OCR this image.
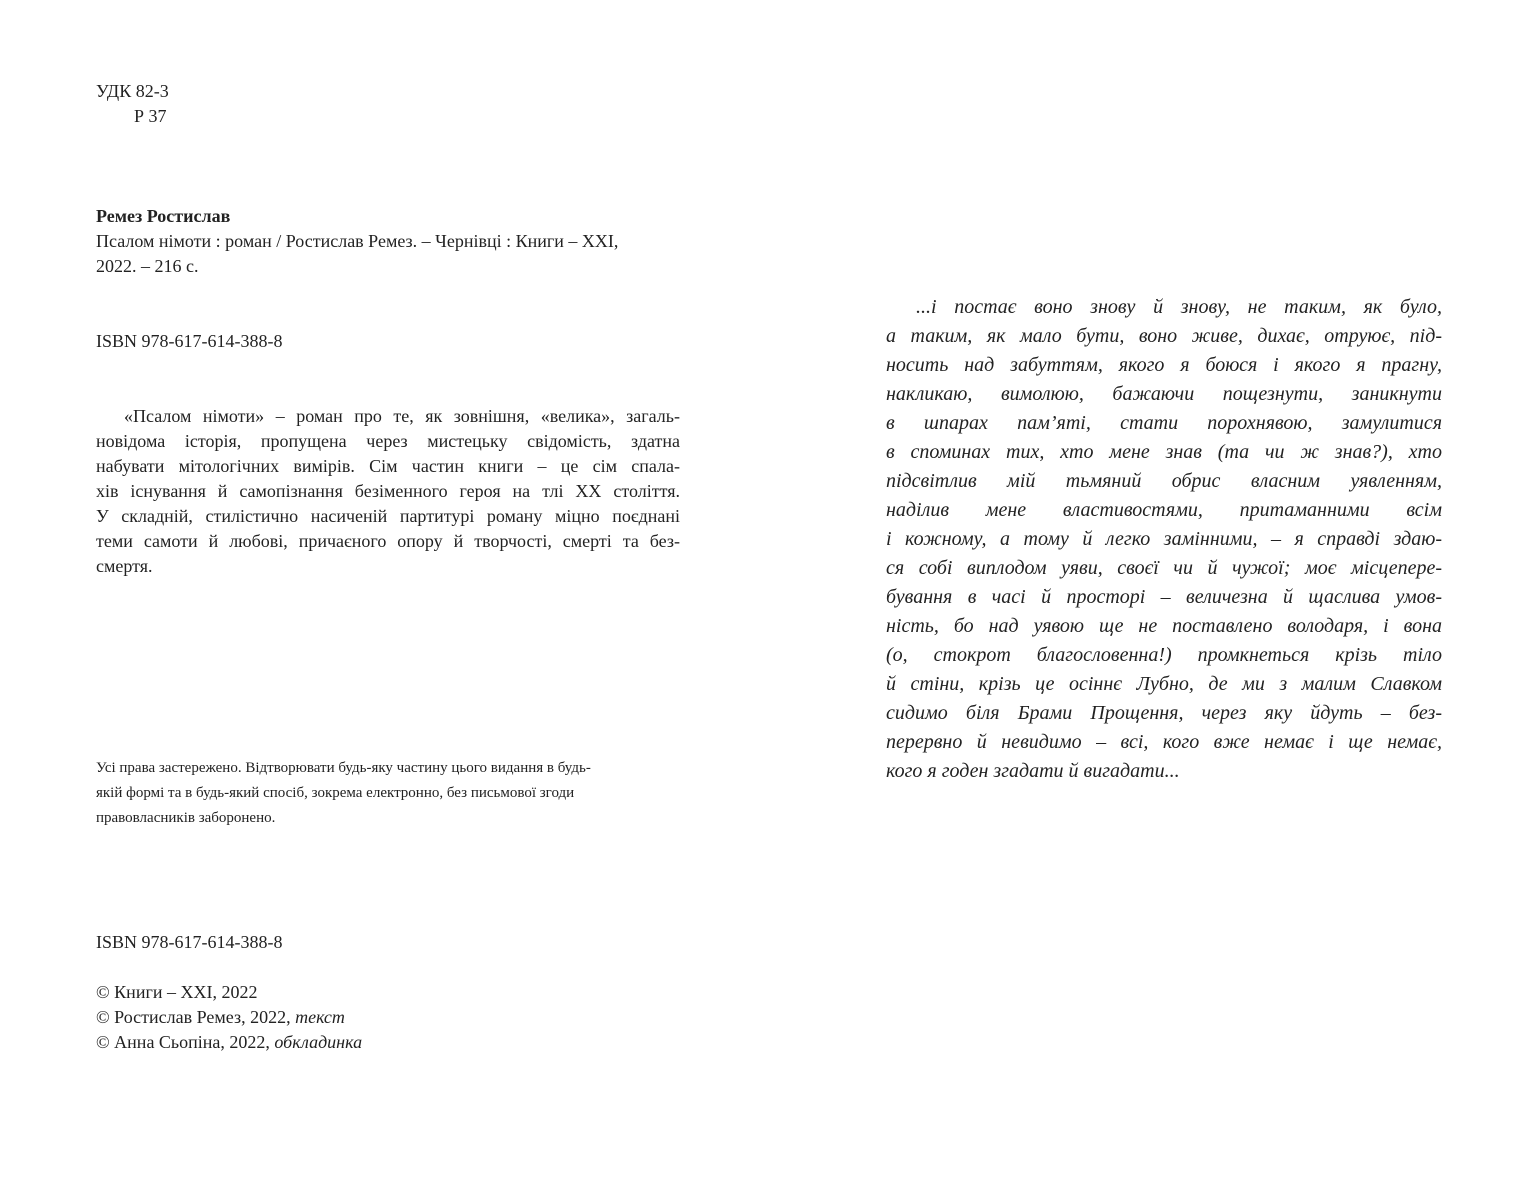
УДК 82-3
Р 37
Ремез Ростислав
Псалом німоти : роман / Ростислав Ремез. – Чернівці : Книги – ХХІ,
2022. – 216 с.
ISBN 978-617-614-388-8
«Псалом німоти» – роман про те, як зовнішня, «велика», загаль-
новідома історія, пропущена через мистецьку свідомість, здатна
набувати мітологічних вимірів. Сім частин книги – це сім спала-
хів існування й самопізнання безіменного героя на тлі ХХ століття.
У складній, стилістично насиченій партитурі роману міцно поєднані
теми самоти й любові, причаєного опору й творчості, смерті та без-
смертя.
Усі права застережено. Відтворювати будь-яку частину цього видання в будь-
якій формі та в будь-який спосіб, зокрема електронно, без письмової згоди
правовласників заборонено.
ISBN 978-617-614-388-8
© Книги – ХХІ, 2022
© Ростислав Ремез, 2022, текст
© Анна Сьопіна, 2022, обкладинка
...і постає воно знову й знову, не таким, як було,
а таким, як мало бути, воно живе, дихає, отруює, під-
носить над забуттям, якого я боюся і якого я прагну,
накликаю, вимолюю, бажаючи пощезнути, заникнути
в шпарах пам’яті, стати порохнявою, замулитися
в споминах тих, хто мене знав (та чи ж знав?), хто
підсвітлив мій тьмяний обрис власним уявленням,
наділив мене властивостями, притаманними всім
і кожному, а тому й легко замінними, – я справді здаю-
ся собі виплодом уяви, своєї чи й чужої; моє місцепере-
бування в часі й просторі – величезна й щаслива умов-
ність, бо над уявою ще не поставлено володаря, і вона
(о, стокрот благословенна!) промкнеться крізь тіло
й стіни, крізь це осіннє Лубно, де ми з малим Славком
сидимо біля Брами Прощення, через яку йдуть – без-
перервно й невидимо – всі, кого вже немає і ще немає,
кого я годен згадати й вигадати...
